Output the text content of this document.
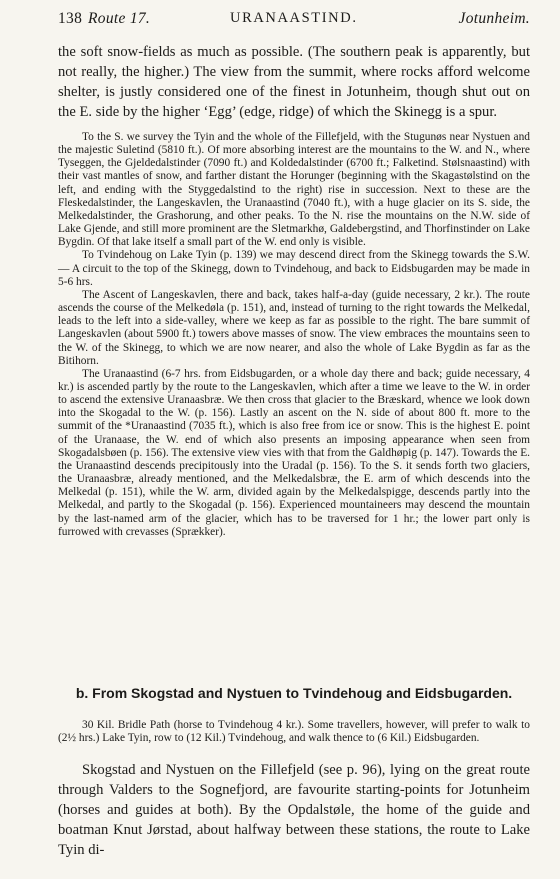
138 Route 17.	URANAASTIND.	Jotunheim.

the soft snow-fields as much as possible. (The southern peak is apparently, but not really, the higher.) The view from the summit, where rocks afford welcome shelter, is justly considered one of the finest in Jotunheim, though shut out on the E. side by the higher ‘Egg’ (edge, ridge) of which the Skinegg is a spur.

To the S. we survey the Tyin and the whole of the Fillefjeld, with the Stugunøs near Nystuen and the majestic Suletind (5810 ft.). Of more absorbing interest are the mountains to the W. and N., where Tyseggen, the Gjeldedalstinder (7090 ft.) and Koldedalstinder (6700 ft.; Falketind. Stølsnaastind) with their vast mantles of snow, and farther distant the Horunger (beginning with the Skagastølstind on the left, and ending with the Styggedalstind to the right) rise in succession. Next to these are the Fleskedalstinder, the Langeskavlen, the Uranaastind (7040 ft.), with a huge glacier on its S. side, the Melkedalstinder, the Grashorung, and other peaks. To the N. rise the mountains on the N.W. side of Lake Gjende, and still more prominent are the Sletmarkhø, Galdebergstind, and Thorfinstinder on Lake Bygdin. Of that lake itself a small part of the W. end only is visible.

To Tvindehoug on Lake Tyin (p. 139) we may descend direct from the Skinegg towards the S.W. — A circuit to the top of the Skinegg, down to Tvindehoug, and back to Eidsbugarden may be made in 5-6 hrs.

The Ascent of Langeskavlen, there and back, takes half-a-day (guide necessary, 2 kr.). The route ascends the course of the Melkedøla (p. 151), and, instead of turning to the right towards the Melkedal, leads to the left into a side-valley, where we keep as far as possible to the right. The bare summit of Langeskavlen (about 5900 ft.) towers above masses of snow. The view embraces the mountains seen to the W. of the Skinegg, to which we are now nearer, and also the whole of Lake Bygdin as far as the Bitihorn.

The Uranaastind (6-7 hrs. from Eidsbugarden, or a whole day there and back; guide necessary, 4 kr.) is ascended partly by the route to the Langeskavlen, which after a time we leave to the W. in order to ascend the extensive Uranaasbræ. We then cross that glacier to the Bræskard, whence we look down into the Skogadal to the W. (p. 156). Lastly an ascent on the N. side of about 800 ft. more to the summit of the *Uranaastind (7035 ft.), which is also free from ice or snow. This is the highest E. point of the Uranaase, the W. end of which also presents an imposing appearance when seen from Skogadalsbøen (p. 156). The extensive view vies with that from the Galdhøpig (p. 147). Towards the E. the Uranaastind descends precipitously into the Uradal (p. 156). To the S. it sends forth two glaciers, the Uranaasbræ, already mentioned, and the Melkedalsbræ, the E. arm of which descends into the Melkedal (p. 151), while the W. arm, divided again by the Melkedalspigge, descends partly into the Melkedal, and partly to the Skogadal (p. 156). Experienced mountaineers may descend the mountain by the last-named arm of the glacier, which has to be traversed for 1 hr.; the lower part only is furrowed with crevasses (Sprækker).

b. From Skogstad and Nystuen to Tvindehoug and Eidsbugarden.

30 Kil. Bridle Path (horse to Tvindehoug 4 kr.). Some travellers, however, will prefer to walk to (2½ hrs.) Lake Tyin, row to (12 Kil.) Tvindehoug, and walk thence to (6 Kil.) Eidsbugarden.

Skogstad and Nystuen on the Fillefjeld (see p. 96), lying on the great route through Valders to the Sognefjord, are favourite starting-points for Jotunheim (horses and guides at both). By the Opdalstøle, the home of the guide and boatman Knut Jørstad, about halfway between these stations, the route to Lake Tyin di-
